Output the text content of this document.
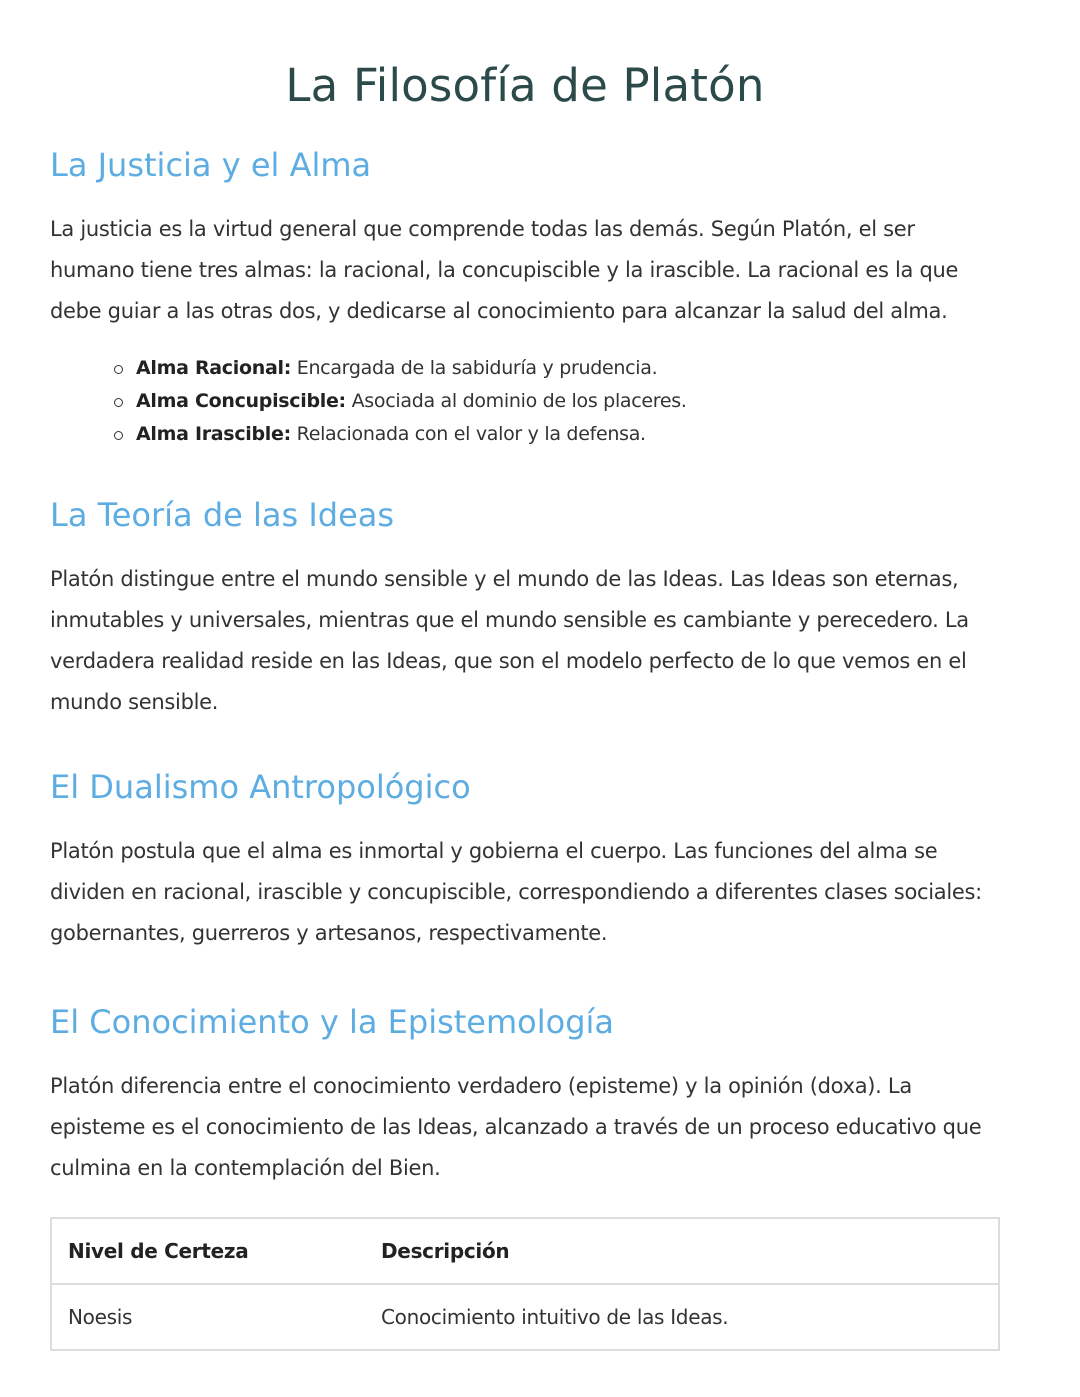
La Filosofía de Platón
La Justicia y el Alma

La justicia es la virtud general que comprende todas las demás. Según Platón, el ser humano tiene tres almas: la racional, la concupiscible y la irascible. La racional es la que debe guiar a las otras dos, y dedicarse al conocimiento para alcanzar la salud del alma.

Alma Racional: Encargada de la sabiduría y prudencia.
Alma Concupiscible: Asociada al dominio de los placeres.
Alma Irascible: Relacionada con el valor y la defensa.
La Teoría de las Ideas

Platón distingue entre el mundo sensible y el mundo de las Ideas. Las Ideas son eternas, inmutables y universales, mientras que el mundo sensible es cambiante y perecedero. La verdadera realidad reside en las Ideas, que son el modelo perfecto de lo que vemos en el mundo sensible.

El Dualismo Antropológico

Platón postula que el alma es inmortal y gobierna el cuerpo. Las funciones del alma se dividen en racional, irascible y concupiscible, correspondiendo a diferentes clases sociales: gobernantes, guerreros y artesanos, respectivamente.

El Conocimiento y la Epistemología

Platón diferencia entre el conocimiento verdadero (episteme) y la opinión (doxa). La episteme es el conocimiento de las Ideas, alcanzado a través de un proceso educativo que culmina en la contemplación del Bien.

Nivel de Certeza	Descripción
Noesis	Conocimiento intuitivo de las Ideas.
